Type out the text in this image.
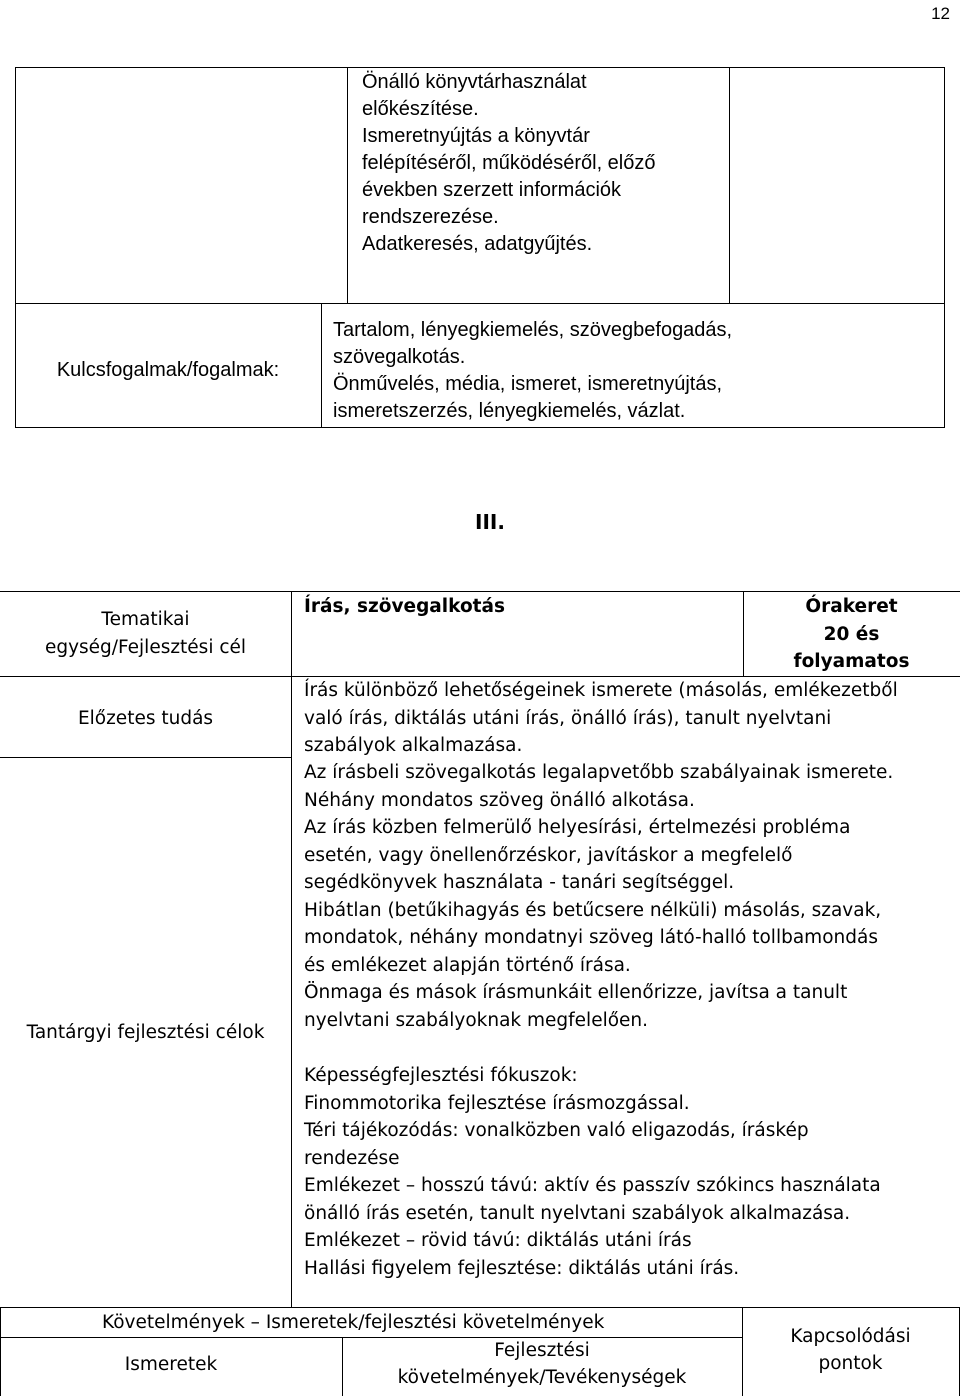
12
Önálló könyvtárhasználat
előkészítése.
Ismeretnyújtás a könyvtár
felépítéséről, működéséről, előző
években szerzett információk
rendszerezése.
Adatkeresés, adatgyűjtés.
Kulcsfogalmak/fogalmak:
Tartalom, lényegkiemelés, szövegbefogadás,
szövegalkotás.
Önművelés, média, ismeret, ismeretnyújtás,
ismeretszerzés, lényegkiemelés, vázlat.
III.
Tematikai
egység/Fejlesztési cél
Írás, szövegalkotás	Órakeret
20 és
folyamatos
Előzetes tudás
Írás különböző lehetőségeinek ismerete (másolás, emlékezetből
való írás, diktálás utáni írás, önálló írás), tanult nyelvtani
szabályok alkalmazása.
Tantárgyi fejlesztési célok
Az írásbeli szövegalkotás legalapvetőbb szabályainak ismerete.
Néhány mondatos szöveg önálló alkotása.
Az írás közben felmerülő helyesírási, értelmezési probléma
esetén, vagy önellenőrzéskor, javításkor a megfelelő
segédkönyvek használata - tanári segítséggel.
Hibátlan (betűkihagyás és betűcsere nélküli) másolás, szavak,
mondatok, néhány mondatnyi szöveg látó-halló tollbamondás
és emlékezet alapján történő írása.
Önmaga és mások írásmunkáit ellenőrizze, javítsa a tanult
nyelvtani szabályoknak megfelelően.
Képességfejlesztési fókuszok:
Finommotorika fejlesztése írásmozgással.
Téri tájékozódás: vonalközben való eligazodás, íráskép
rendezése
Emlékezet – hosszú távú: aktív és passzív szókincs használata
önálló írás esetén, tanult nyelvtani szabályok alkalmazása.
Emlékezet – rövid távú: diktálás utáni írás
Hallási figyelem fejlesztése: diktálás utáni írás.
Követelmények – Ismeretek/fejlesztési követelmények
Ismeretek
Fejlesztési
követelmények/Tevékenységek
Kapcsolódási
pontok
